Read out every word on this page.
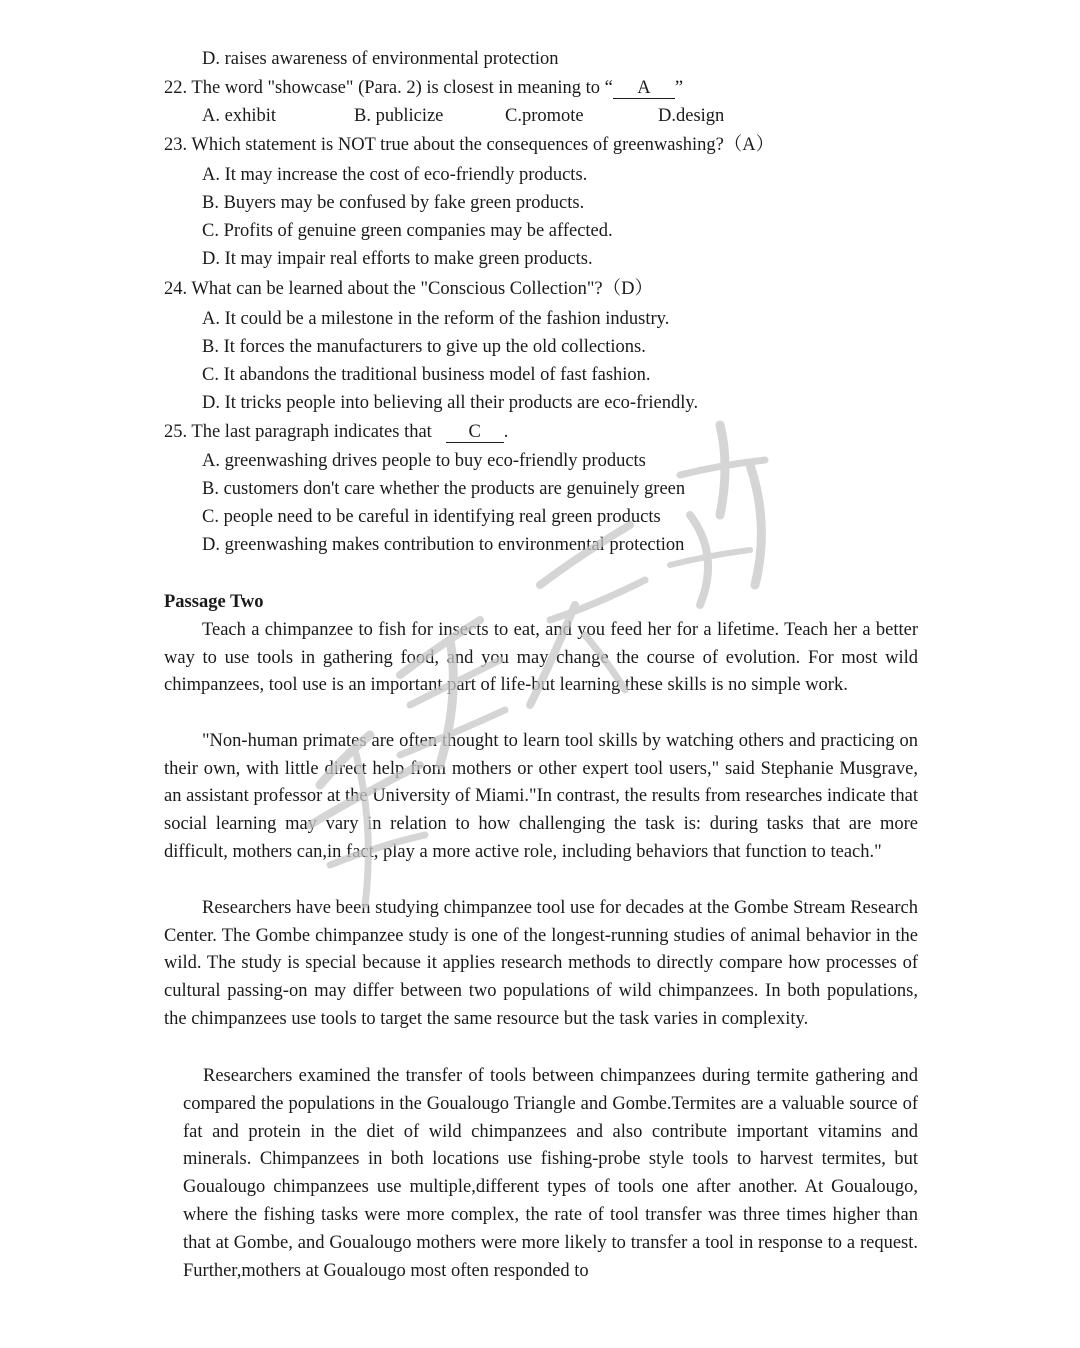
D. raises awareness of environmental protection
22. The word "showcase" (Para. 2) is closest in meaning to “ A ”
A. exhibit	B. publicize	C.promote	D.design
23. Which statement is NOT true about the consequences of greenwashing?（A）
A. It may increase the cost of eco-friendly products.
B. Buyers may be confused by fake green products.
C. Profits of genuine green companies may be affected.
D. It may impair real efforts to make green products.
24. What can be learned about the "Conscious Collection"?（D）
A. It could be a milestone in the reform of the fashion industry.
B. It forces the manufacturers to give up the old collections.
C. It abandons the traditional business model of fast fashion.
D. It tricks people into believing all their products are eco-friendly.
25. The last paragraph indicates that C .
A. greenwashing drives people to buy eco-friendly products
B. customers don't care whether the products are genuinely green
C. people need to be careful in identifying real green products
D. greenwashing makes contribution to environmental protection
Passage Two
Teach a chimpanzee to fish for insects to eat, and you feed her for a lifetime. Teach her a better way to use tools in gathering food, and you may change the course of evolution. For most wild chimpanzees, tool use is an important part of life-but learning these skills is no simple work.
"Non-human primates are often thought to learn tool skills by watching others and practicing on their own, with little direct help from mothers or other expert tool users," said Stephanie Musgrave, an assistant professor at the University of Miami."In contrast, the results from researches indicate that social learning may vary in relation to how challenging the task is: during tasks that are more difficult, mothers can,in fact, play a more active role, including behaviors that function to teach."
Researchers have been studying chimpanzee tool use for decades at the Gombe Stream Research Center. The Gombe chimpanzee study is one of the longest-running studies of animal behavior in the wild. The study is special because it applies research methods to directly compare how processes of cultural passing-on may differ between two populations of wild chimpanzees. In both populations, the chimpanzees use tools to target the same resource but the task varies in complexity.
Researchers examined the transfer of tools between chimpanzees during termite gathering and compared the populations in the Goualougo Triangle and Gombe.Termites are a valuable source of fat and protein in the diet of wild chimpanzees and also contribute important vitamins and minerals. Chimpanzees in both locations use fishing-probe style tools to harvest termites, but Goualougo chimpanzees use multiple,different types of tools one after another. At Goualougo, where the fishing tasks were more complex, the rate of tool transfer was three times higher than that at Gombe, and Goualougo mothers were more likely to transfer a tool in response to a request. Further,mothers at Goualougo most often responded to
